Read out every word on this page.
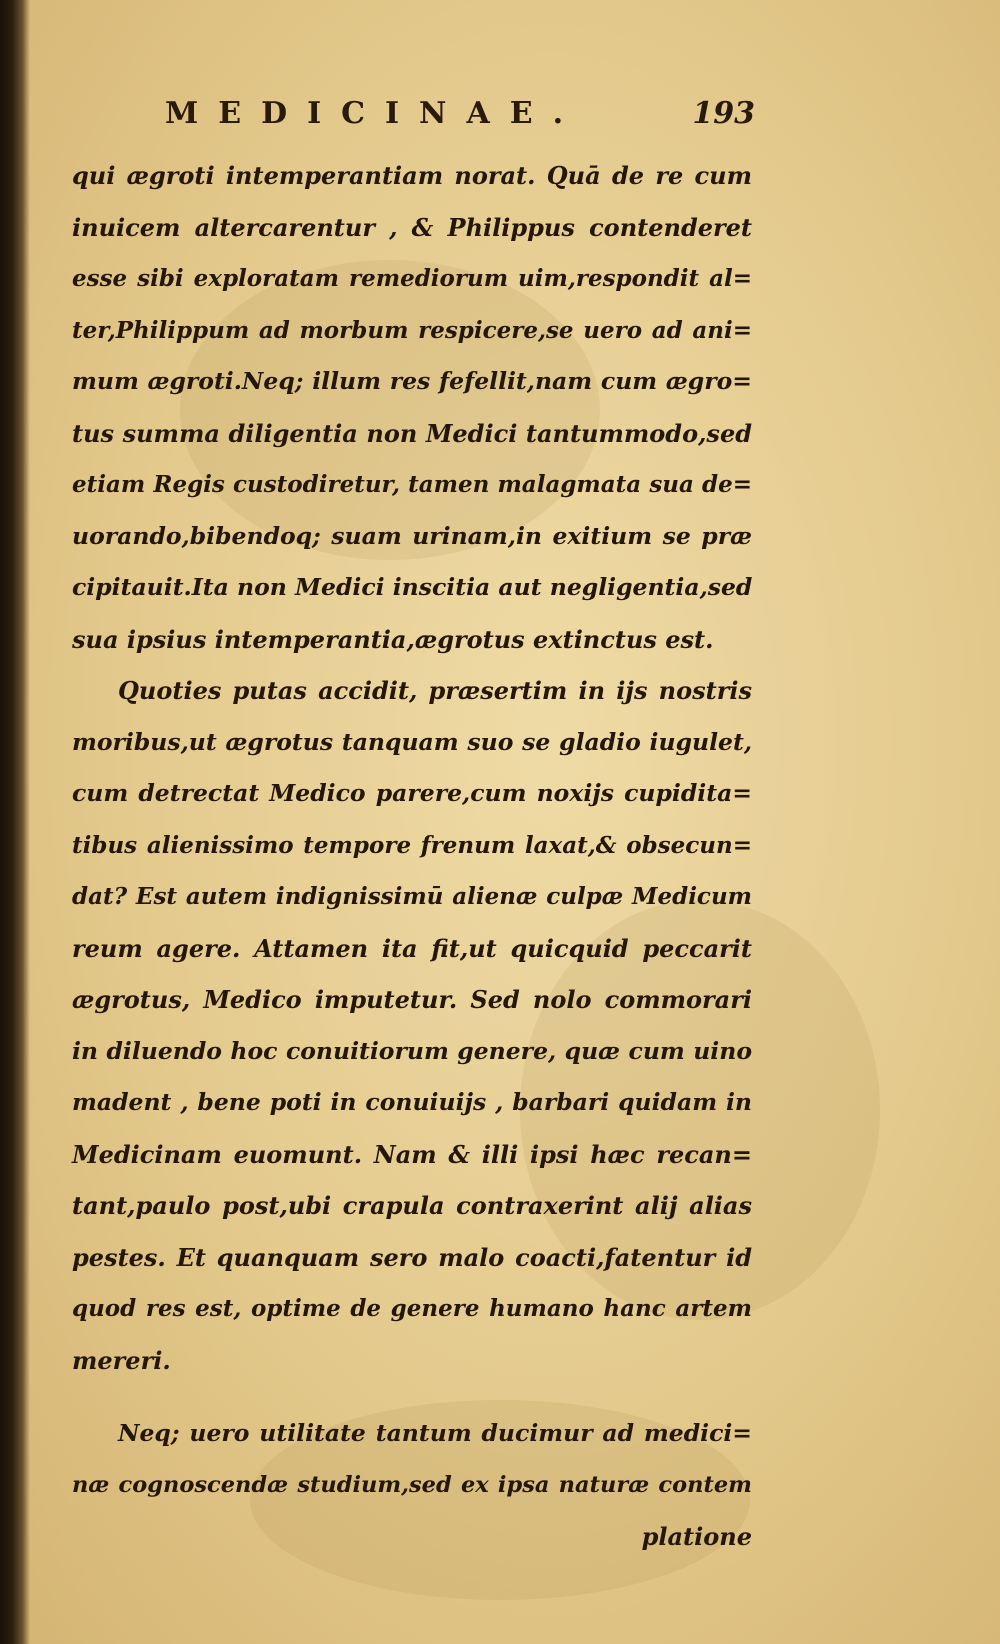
MEDICINAE.	193
qui ægroti intemperantiam norat. Quā de re cum
inuicem altercarentur , & Philippus contenderet
esse sibi exploratam remediorum uim,respondit al=
ter,Philippum ad morbum respicere,se uero ad ani=
mum ægroti.Neq; illum res fefellit,nam cum ægro=
tus summa diligentia non Medici tantummodo,sed
etiam Regis custodiretur, tamen malagmata sua de=
uorando,bibendoq; suam urinam,in exitium se præ
cipitauit.Ita non Medici inscitia aut negligentia,sed
sua ipsius intemperantia,ægrotus extinctus est.
Quoties putas accidit, præsertim in ijs nostris
moribus,ut ægrotus tanquam suo se gladio iugulet,
cum detrectat Medico parere,cum noxijs cupidita=
tibus alienissimo tempore frenum laxat,& obsecun=
dat? Est autem indignissimū alienæ culpæ Medicum
reum agere. Attamen ita fit,ut quicquid peccarit
ægrotus, Medico imputetur. Sed nolo commorari
in diluendo hoc conuitiorum genere, quæ cum uino
madent , bene poti in conuiuijs , barbari quidam in
Medicinam euomunt. Nam & illi ipsi hæc recan=
tant,paulo post,ubi crapula contraxerint alij alias
pestes. Et quanquam sero malo coacti,fatentur id
quod res est, optime de genere humano hanc artem
mereri.
Neq; uero utilitate tantum ducimur ad medici=
næ cognoscendæ studium,sed ex ipsa naturæ contem
platione
